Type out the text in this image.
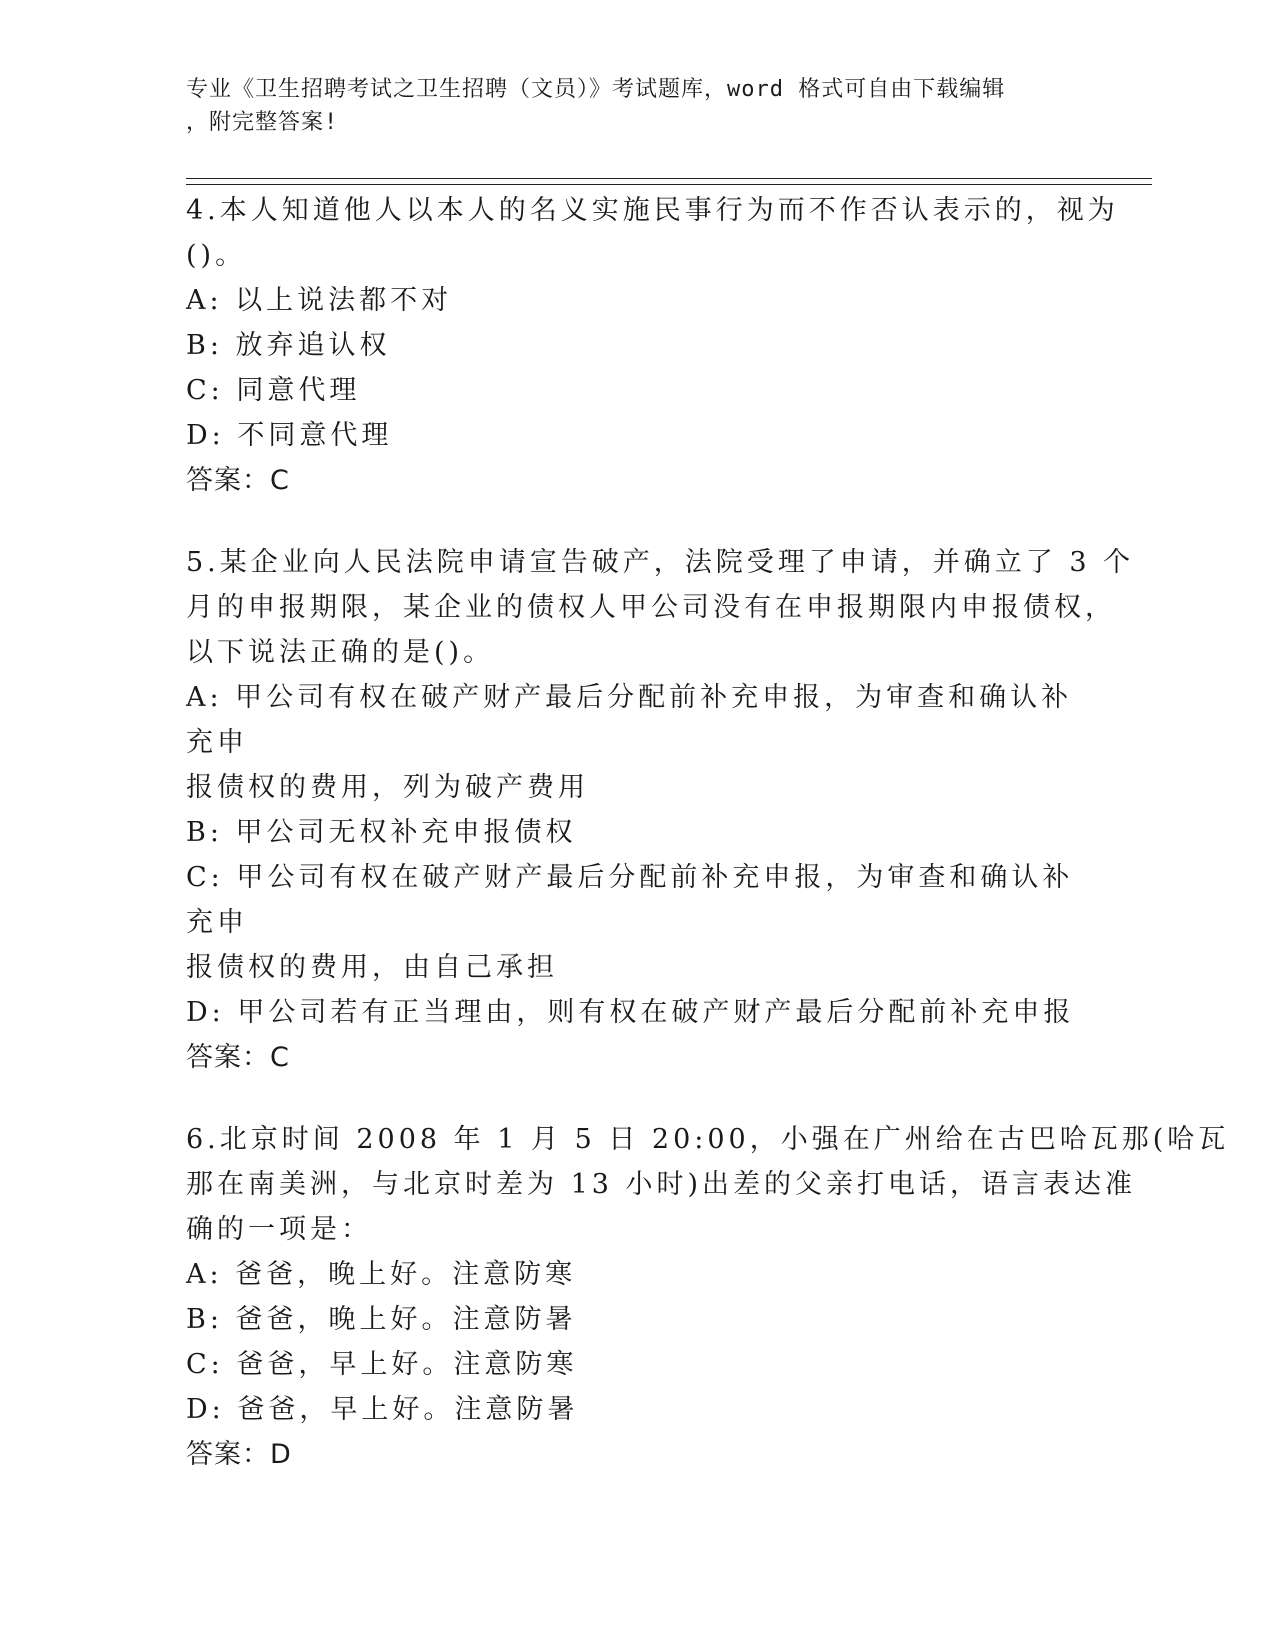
专业《卫生招聘考试之卫生招聘（文员）》考试题库，word 格式可自由下载编辑
，附完整答案!
4.本人知道他人以本人的名义实施民事行为而不作否认表示的，视为
()。
A: 以上说法都不对
B: 放弃追认权
C: 同意代理
D: 不同意代理
答案：C
5.某企业向人民法院申请宣告破产，法院受理了申请，并确立了 3 个
月的申报期限，某企业的债权人甲公司没有在申报期限内申报债权，
以下说法正确的是()。
A: 甲公司有权在破产财产最后分配前补充申报，为审查和确认补充申
报债权的费用，列为破产费用
B: 甲公司无权补充申报债权
C: 甲公司有权在破产财产最后分配前补充申报，为审查和确认补充申
报债权的费用，由自己承担
D: 甲公司若有正当理由，则有权在破产财产最后分配前补充申报
答案：C
6.北京时间 2008 年 1 月 5 日 20:00，小强在广州给在古巴哈瓦那(哈瓦
那在南美洲，与北京时差为 13 小时)出差的父亲打电话，语言表达准
确的一项是：
A: 爸爸，晚上好。注意防寒
B: 爸爸，晚上好。注意防暑
C: 爸爸，早上好。注意防寒
D: 爸爸，早上好。注意防暑
答案：D
